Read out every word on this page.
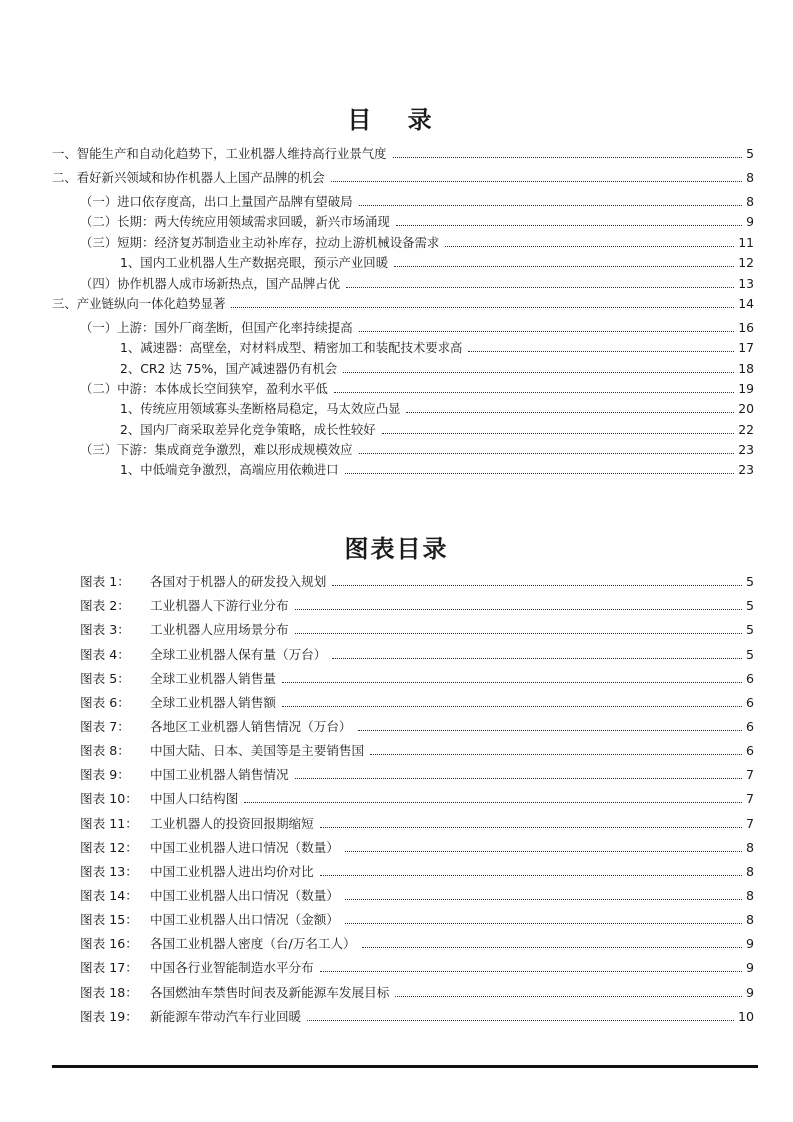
目 录
一、智能生产和自动化趋势下，工业机器人维持高行业景气度	5
二、看好新兴领域和协作机器人上国产品牌的机会	8
（一）进口依存度高，出口上量国产品牌有望破局	8
（二）长期：两大传统应用领域需求回暖，新兴市场涌现	9
（三）短期：经济复苏制造业主动补库存，拉动上游机械设备需求	11
1、国内工业机器人生产数据亮眼，预示产业回暖	12
（四）协作机器人成市场新热点，国产品牌占优	13
三、产业链纵向一体化趋势显著	14
（一）上游：国外厂商垄断，但国产化率持续提高	16
1、减速器：高壁垒，对材料成型、精密加工和装配技术要求高	17
2、CR2 达 75%，国产减速器仍有机会	18
（二）中游：本体成长空间狭窄，盈利水平低	19
1、传统应用领域寡头垄断格局稳定，马太效应凸显	20
2、国内厂商采取差异化竞争策略，成长性较好	22
（三）下游：集成商竞争激烈，难以形成规模效应	23
1、中低端竞争激烈，高端应用依赖进口	23
图表目录
图表 1：	各国对于机器人的研发投入规划	5
图表 2：	工业机器人下游行业分布	5
图表 3：	工业机器人应用场景分布	5
图表 4：	全球工业机器人保有量（万台）	5
图表 5：	全球工业机器人销售量	6
图表 6：	全球工业机器人销售额	6
图表 7：	各地区工业机器人销售情况（万台）	6
图表 8：	中国大陆、日本、美国等是主要销售国	6
图表 9：	中国工业机器人销售情况	7
图表 10： 中国人口结构图	7
图表 11： 工业机器人的投资回报期缩短	7
图表 12： 中国工业机器人进口情况（数量）	8
图表 13： 中国工业机器人进出均价对比	8
图表 14： 中国工业机器人出口情况（数量）	8
图表 15： 中国工业机器人出口情况（金额）	8
图表 16： 各国工业机器人密度（台/万名工人）	9
图表 17： 中国各行业智能制造水平分布	9
图表 18： 各国燃油车禁售时间表及新能源车发展目标	9
图表 19： 新能源车带动汽车行业回暖	10
